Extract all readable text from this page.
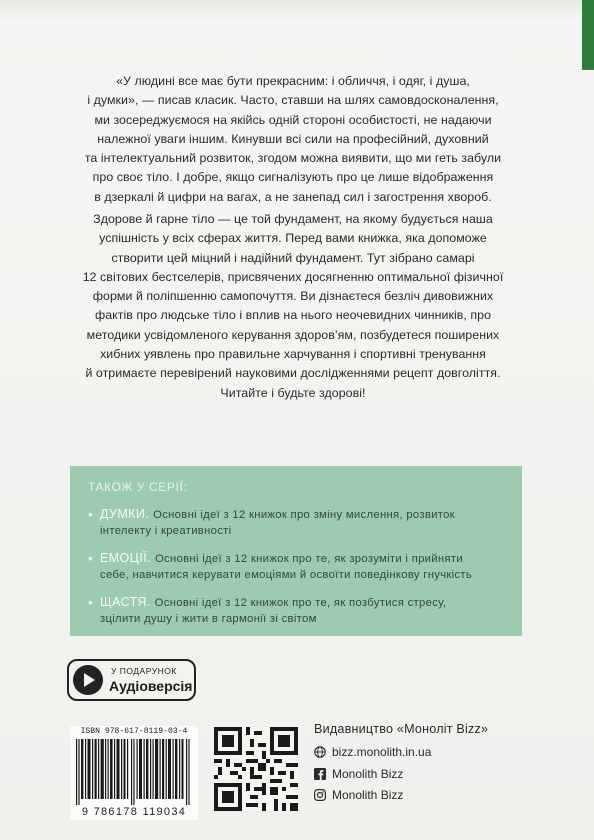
«У людині все має бути прекрасним: і обличчя, і одяг, і душа,
і думки», — писав класик. Часто, ставши на шлях самовдосконалення,
ми зосереджуємося на якійсь одній стороні особистості, не надаючи
належної уваги іншим. Кинувши всі сили на професійний, духовний
та інтелектуальний розвиток, згодом можна виявити, що ми геть забули
про своє тіло. І добре, якщо сигналізують про це лише відображення
в дзеркалі й цифри на вагах, а не занепад сил і загострення хвороб.
Здорове й гарне тіло — це той фундамент, на якому будується наша
успішність у всіх сферах життя. Перед вами книжка, яка допоможе
створити цей міцний і надійний фундамент. Тут зібрано самарі
12 світових бестселерів, присвячених досягненню оптимальної фізичної
форми й поліпшенню самопочуття. Ви дізнаєтеся безліч дивовижних
фактів про людське тіло і вплив на нього неочевидних чинників, про
методики усвідомленого керування здоров’ям, позбудетеся поширених
хибних уявлень про правильне харчування і спортивні тренування
й отримаєте перевірений науковими дослідженнями рецепт довголіття.
Читайте і будьте здорові!
ТАКОЖ У СЕРІЇ:
• ДУМКИ. Основні ідеї з 12 книжок про зміну мислення, розвиток
інтелекту і креативності
• ЕМОЦІЇ. Основні ідеї з 12 книжок про те, як зрозуміти і прийняти
себе, навчитися керувати емоціями й освоїти поведінкову гнучкість
• ЩАСТЯ. Основні ідеї з 12 книжок про те, як позбутися стресу,
зцілити душу і жити в гармонії зі світом
У ПОДАРУНОК
Аудіоверсія
ISBN 978-617-8119-03-4
9 786178 119034
Видавництво «Моноліт Bizz»
bizz.monolith.in.ua
Monolith Bizz
Monolith Bizz
